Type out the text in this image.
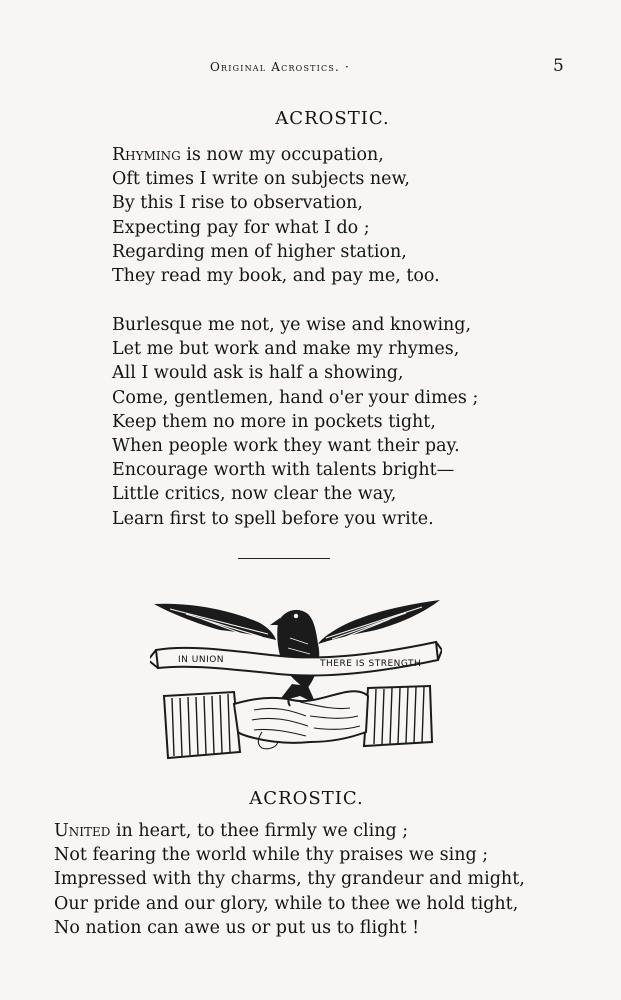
Original Acrostics. ·	5
ACROSTIC.
Rhyming is now my occupation,
Oft times I write on subjects new,
By this I rise to observation,
Expecting pay for what I do ;
Regarding men of higher station,
They read my book, and pay me, too.
Burlesque me not, ye wise and knowing,
Let me but work and make my rhymes,
All I would ask is half a showing,
Come, gentlemen, hand o'er your dimes ;
Keep them no more in pockets tight,
When people work they want their pay.
Encourage worth with talents bright—
Little critics, now clear the way,
Learn first to spell before you write.
IN UNION	THERE IS STRENGTH
ACROSTIC.
United in heart, to thee firmly we cling ;
Not fearing the world while thy praises we sing ;
Impressed with thy charms, thy grandeur and might,
Our pride and our glory, while to thee we hold tight,
No nation can awe us or put us to flight !
